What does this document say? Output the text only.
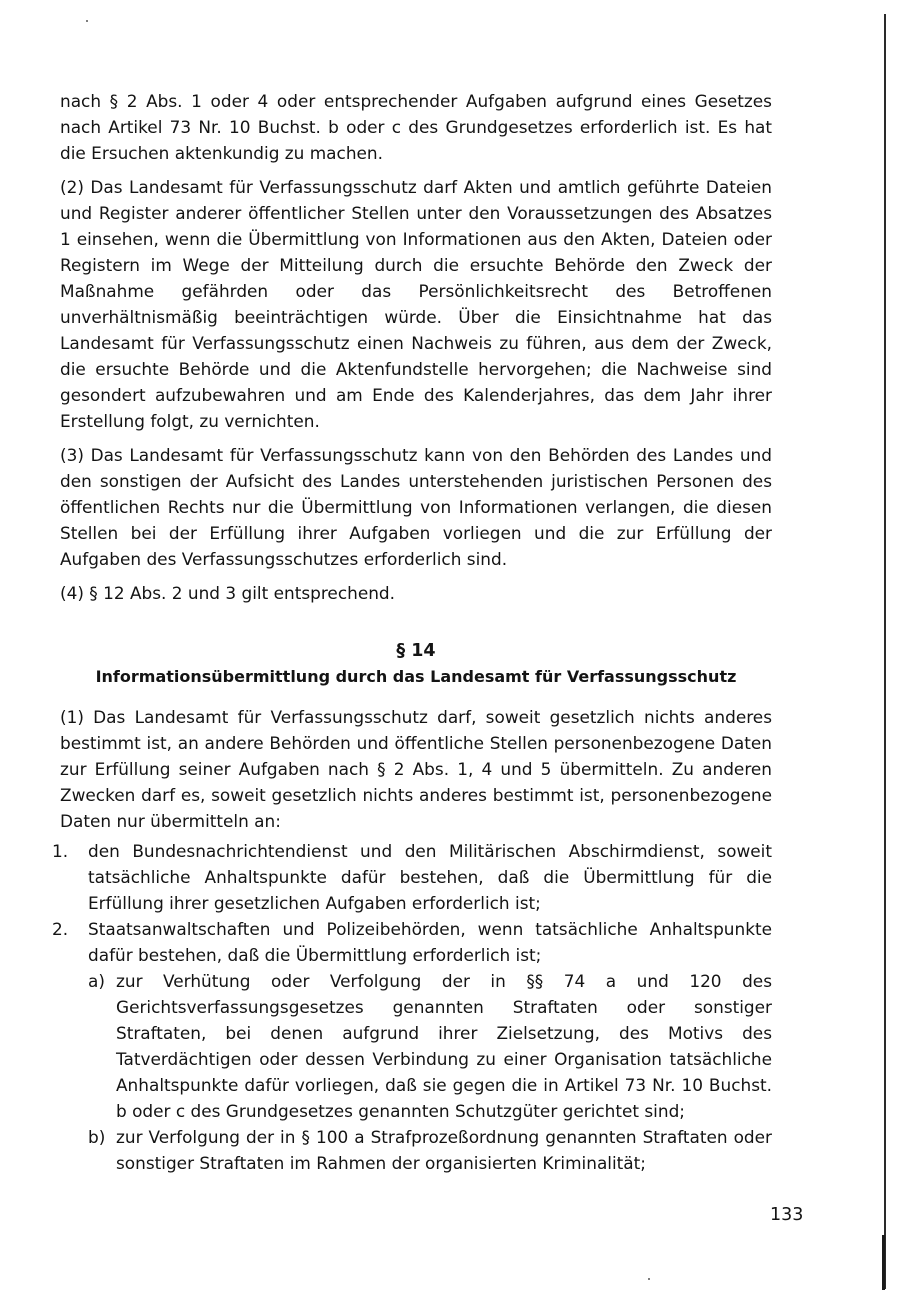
nach § 2 Abs. 1 oder 4 oder entsprechender Aufgaben aufgrund eines Gesetzes nach Artikel 73 Nr. 10 Buchst. b oder c des Grundgesetzes erforderlich ist. Es hat die Ersuchen aktenkundig zu machen.

(2) Das Landesamt für Verfassungsschutz darf Akten und amtlich geführte Dateien und Register anderer öffentlicher Stellen unter den Voraussetzungen des Absatzes 1 einsehen, wenn die Übermittlung von Informationen aus den Akten, Dateien oder Registern im Wege der Mitteilung durch die ersuchte Behörde den Zweck der Maßnahme gefährden oder das Persönlichkeitsrecht des Betroffenen unverhältnismäßig beeinträchtigen würde. Über die Einsichtnahme hat das Landesamt für Verfassungsschutz einen Nachweis zu führen, aus dem der Zweck, die ersuchte Behörde und die Aktenfundstelle hervorgehen; die Nachweise sind gesondert aufzubewahren und am Ende des Kalenderjahres, das dem Jahr ihrer Erstellung folgt, zu vernichten.

(3) Das Landesamt für Verfassungsschutz kann von den Behörden des Landes und den sonstigen der Aufsicht des Landes unterstehenden juristischen Personen des öffentlichen Rechts nur die Übermittlung von Informationen verlangen, die diesen Stellen bei der Erfüllung ihrer Aufgaben vorliegen und die zur Erfüllung der Aufgaben des Verfassungsschutzes erforderlich sind.

(4) § 12 Abs. 2 und 3 gilt entsprechend.

§ 14
Informationsübermittlung durch das Landesamt für Verfassungsschutz

(1) Das Landesamt für Verfassungsschutz darf, soweit gesetzlich nichts anderes bestimmt ist, an andere Behörden und öffentliche Stellen personenbezogene Daten zur Erfüllung seiner Aufgaben nach § 2 Abs. 1, 4 und 5 übermitteln. Zu anderen Zwecken darf es, soweit gesetzlich nichts anderes bestimmt ist, personenbezogene Daten nur übermitteln an:

1. den Bundesnachrichtendienst und den Militärischen Abschirmdienst, soweit tatsächliche Anhaltspunkte dafür bestehen, daß die Übermittlung für die Erfüllung ihrer gesetzlichen Aufgaben erforderlich ist;
2. Staatsanwaltschaften und Polizeibehörden, wenn tatsächliche Anhaltspunkte dafür bestehen, daß die Übermittlung erforderlich ist;
a) zur Verhütung oder Verfolgung der in §§ 74 a und 120 des Gerichtsverfassungsgesetzes genannten Straftaten oder sonstiger Straftaten, bei denen aufgrund ihrer Zielsetzung, des Motivs des Tatverdächtigen oder dessen Verbindung zu einer Organisation tatsächliche Anhaltspunkte dafür vorliegen, daß sie gegen die in Artikel 73 Nr. 10 Buchst. b oder c des Grundgesetzes genannten Schutzgüter gerichtet sind;
b) zur Verfolgung der in § 100 a Strafprozeßordnung genannten Straftaten oder sonstiger Straftaten im Rahmen der organisierten Kriminalität;
133
